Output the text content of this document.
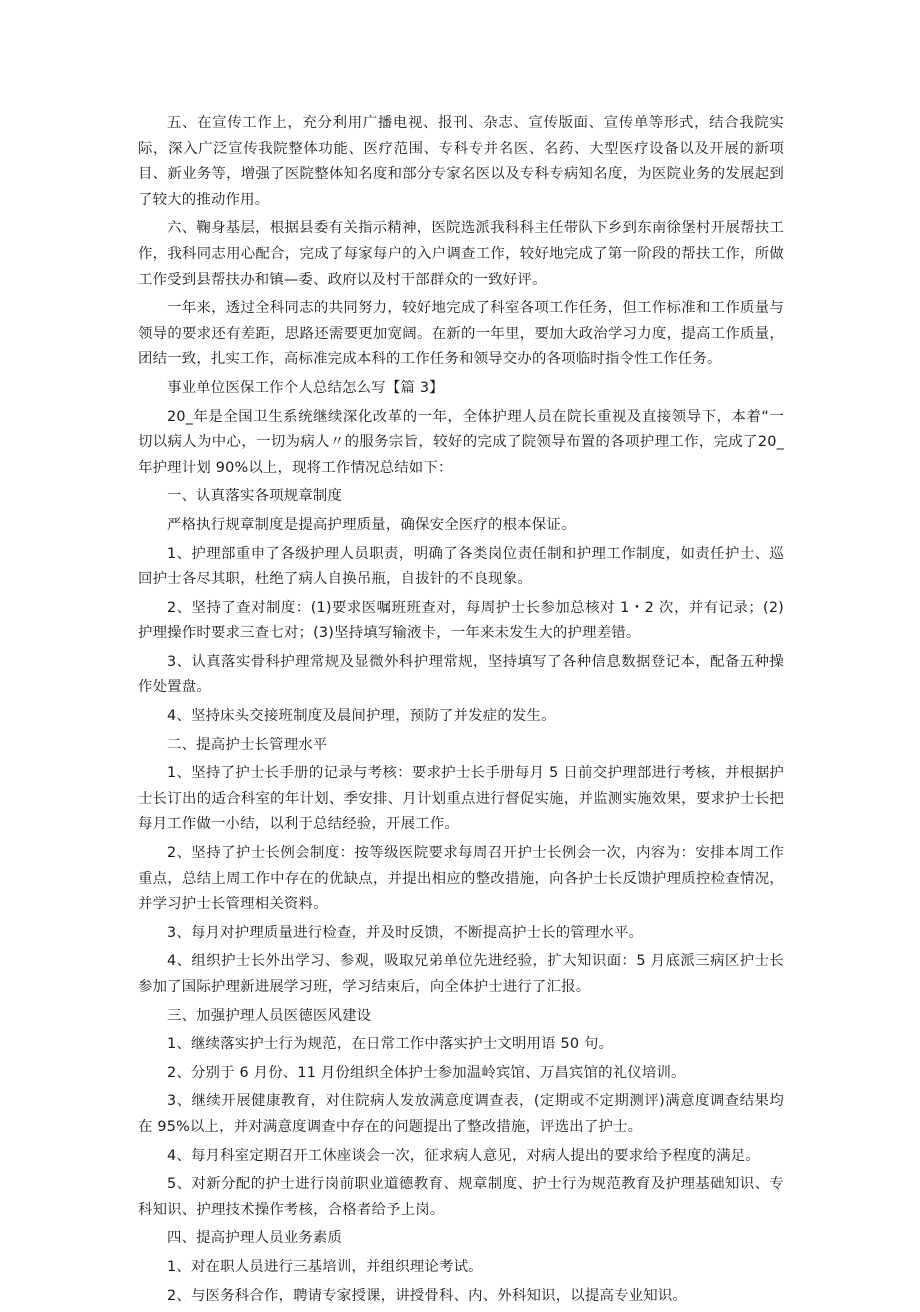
五、在宣传工作上，充分利用广播电视、报刊、杂志、宣传版面、宣传单等形式，结合我院实际，深入广泛宣传我院整体功能、医疗范围、专科专并名医、名药、大型医疗设备以及开展的新项目、新业务等，增强了医院整体知名度和部分专家名医以及专科专病知名度，为医院业务的发展起到了较大的推动作用。

六、鞠身基层，根据县委有关指示精神，医院选派我科科主任带队下乡到东南徐堡村开展帮扶工作，我科同志用心配合，完成了每家每户的入户调查工作，较好地完成了第一阶段的帮扶工作，所做工作受到县帮扶办和镇—委、政府以及村干部群众的一致好评。

一年来，透过全科同志的共同努力，较好地完成了科室各项工作任务，但工作标准和工作质量与领导的要求还有差距，思路还需要更加宽阔。在新的一年里，要加大政治学习力度，提高工作质量，团结一致，扎实工作，高标准完成本科的工作任务和领导交办的各项临时指令性工作任务。

事业单位医保工作个人总结怎么写【篇 3】

20_年是全国卫生系统继续深化改革的一年，全体护理人员在院长重视及直接领导下，本着“一切以病人为中心，一切为病人〃的服务宗旨，较好的完成了院领导布置的各项护理工作，完成了20_年护理计划 90%以上，现将工作情况总结如下：

一、认真落实各项规章制度

严格执行规章制度是提高护理质量，确保安全医疗的根本保证。

1、护理部重申了各级护理人员职责，明确了各类岗位责任制和护理工作制度，如责任护士、巡回护士各尽其职，杜绝了病人自换吊瓶，自拔针的不良现象。

2、坚持了查对制度：(1)要求医嘱班班查对，每周护士长参加总核对 1・2 次，并有记录；(2)护理操作时要求三查七对；(3)坚持填写输液卡，一年来未发生大的护理差错。

3、认真落实骨科护理常规及显微外科护理常规，坚持填写了各种信息数据登记本，配备五种操作处置盘。

4、坚持床头交接班制度及晨间护理，预防了并发症的发生。

二、提高护士长管理水平

1、坚持了护士长手册的记录与考核：要求护士长手册每月 5 日前交护理部进行考核，并根据护士长订出的适合科室的年计划、季安排、月计划重点进行督促实施，并监测实施效果，要求护士长把每月工作做一小结，以利于总结经验，开展工作。

2、坚持了护士长例会制度：按等级医院要求每周召开护士长例会一次，内容为：安排本周工作重点，总结上周工作中存在的优缺点，并提出相应的整改措施，向各护士长反馈护理质控检查情况，并学习护士长管理相关资料。

3、每月对护理质量进行检查，并及时反馈，不断提高护士长的管理水平。

4、组织护士长外出学习、参观，吸取兄弟单位先进经验，扩大知识面：5 月底派三病区护士长参加了国际护理新进展学习班，学习结束后，向全体护士进行了汇报。

三、加强护理人员医德医风建设

1、继续落实护士行为规范，在日常工作中落实护士文明用语 50 句。

2、分别于 6 月份、11 月份组织全体护士参加温岭宾馆、万昌宾馆的礼仪培训。

3、继续开展健康教育，对住院病人发放满意度调查表，(定期或不定期测评)满意度调查结果均在 95%以上，并对满意度调查中存在的问题提出了整改措施，评选出了护士。

4、每月科室定期召开工休座谈会一次，征求病人意见，对病人提出的要求给予程度的满足。

5、对新分配的护士进行岗前职业道德教育、规章制度、护士行为规范教育及护理基础知识、专科知识、护理技术操作考核，合格者给予上岗。

四、提高护理人员业务素质

1、对在职人员进行三基培训，并组织理论考试。

2、与医务科合作，聘请专家授课，讲授骨科、内、外科知识，以提高专业知识。
